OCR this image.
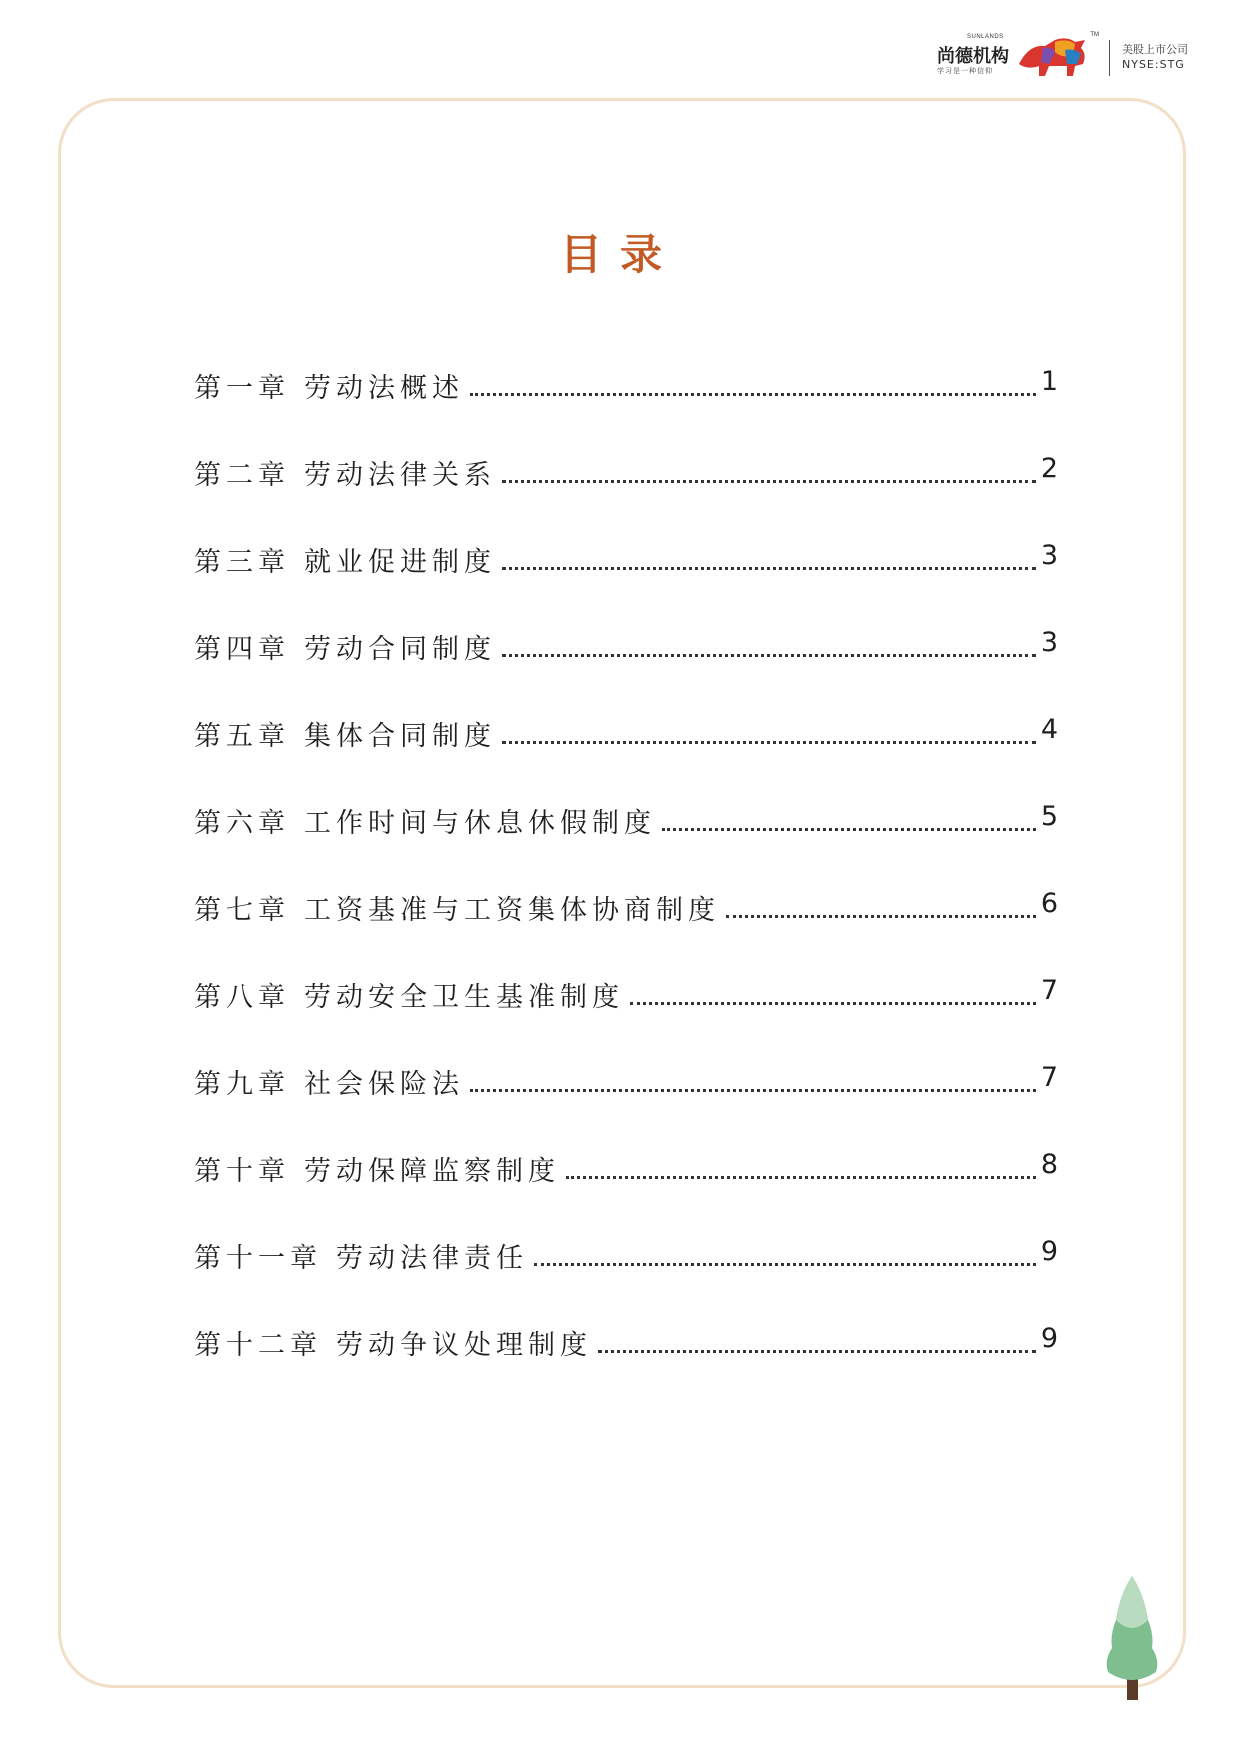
SUNLANDS
尚德机构
学习是一种信仰
TM
美股上市公司
NYSE:STG
目录
第一章 劳动法概述	1
第二章 劳动法律关系	2
第三章 就业促进制度	3
第四章 劳动合同制度	3
第五章 集体合同制度	4
第六章 工作时间与休息休假制度	5
第七章 工资基准与工资集体协商制度	6
第八章 劳动安全卫生基准制度	7
第九章 社会保险法	7
第十章 劳动保障监察制度	8
第十一章 劳动法律责任	9
第十二章 劳动争议处理制度	9
